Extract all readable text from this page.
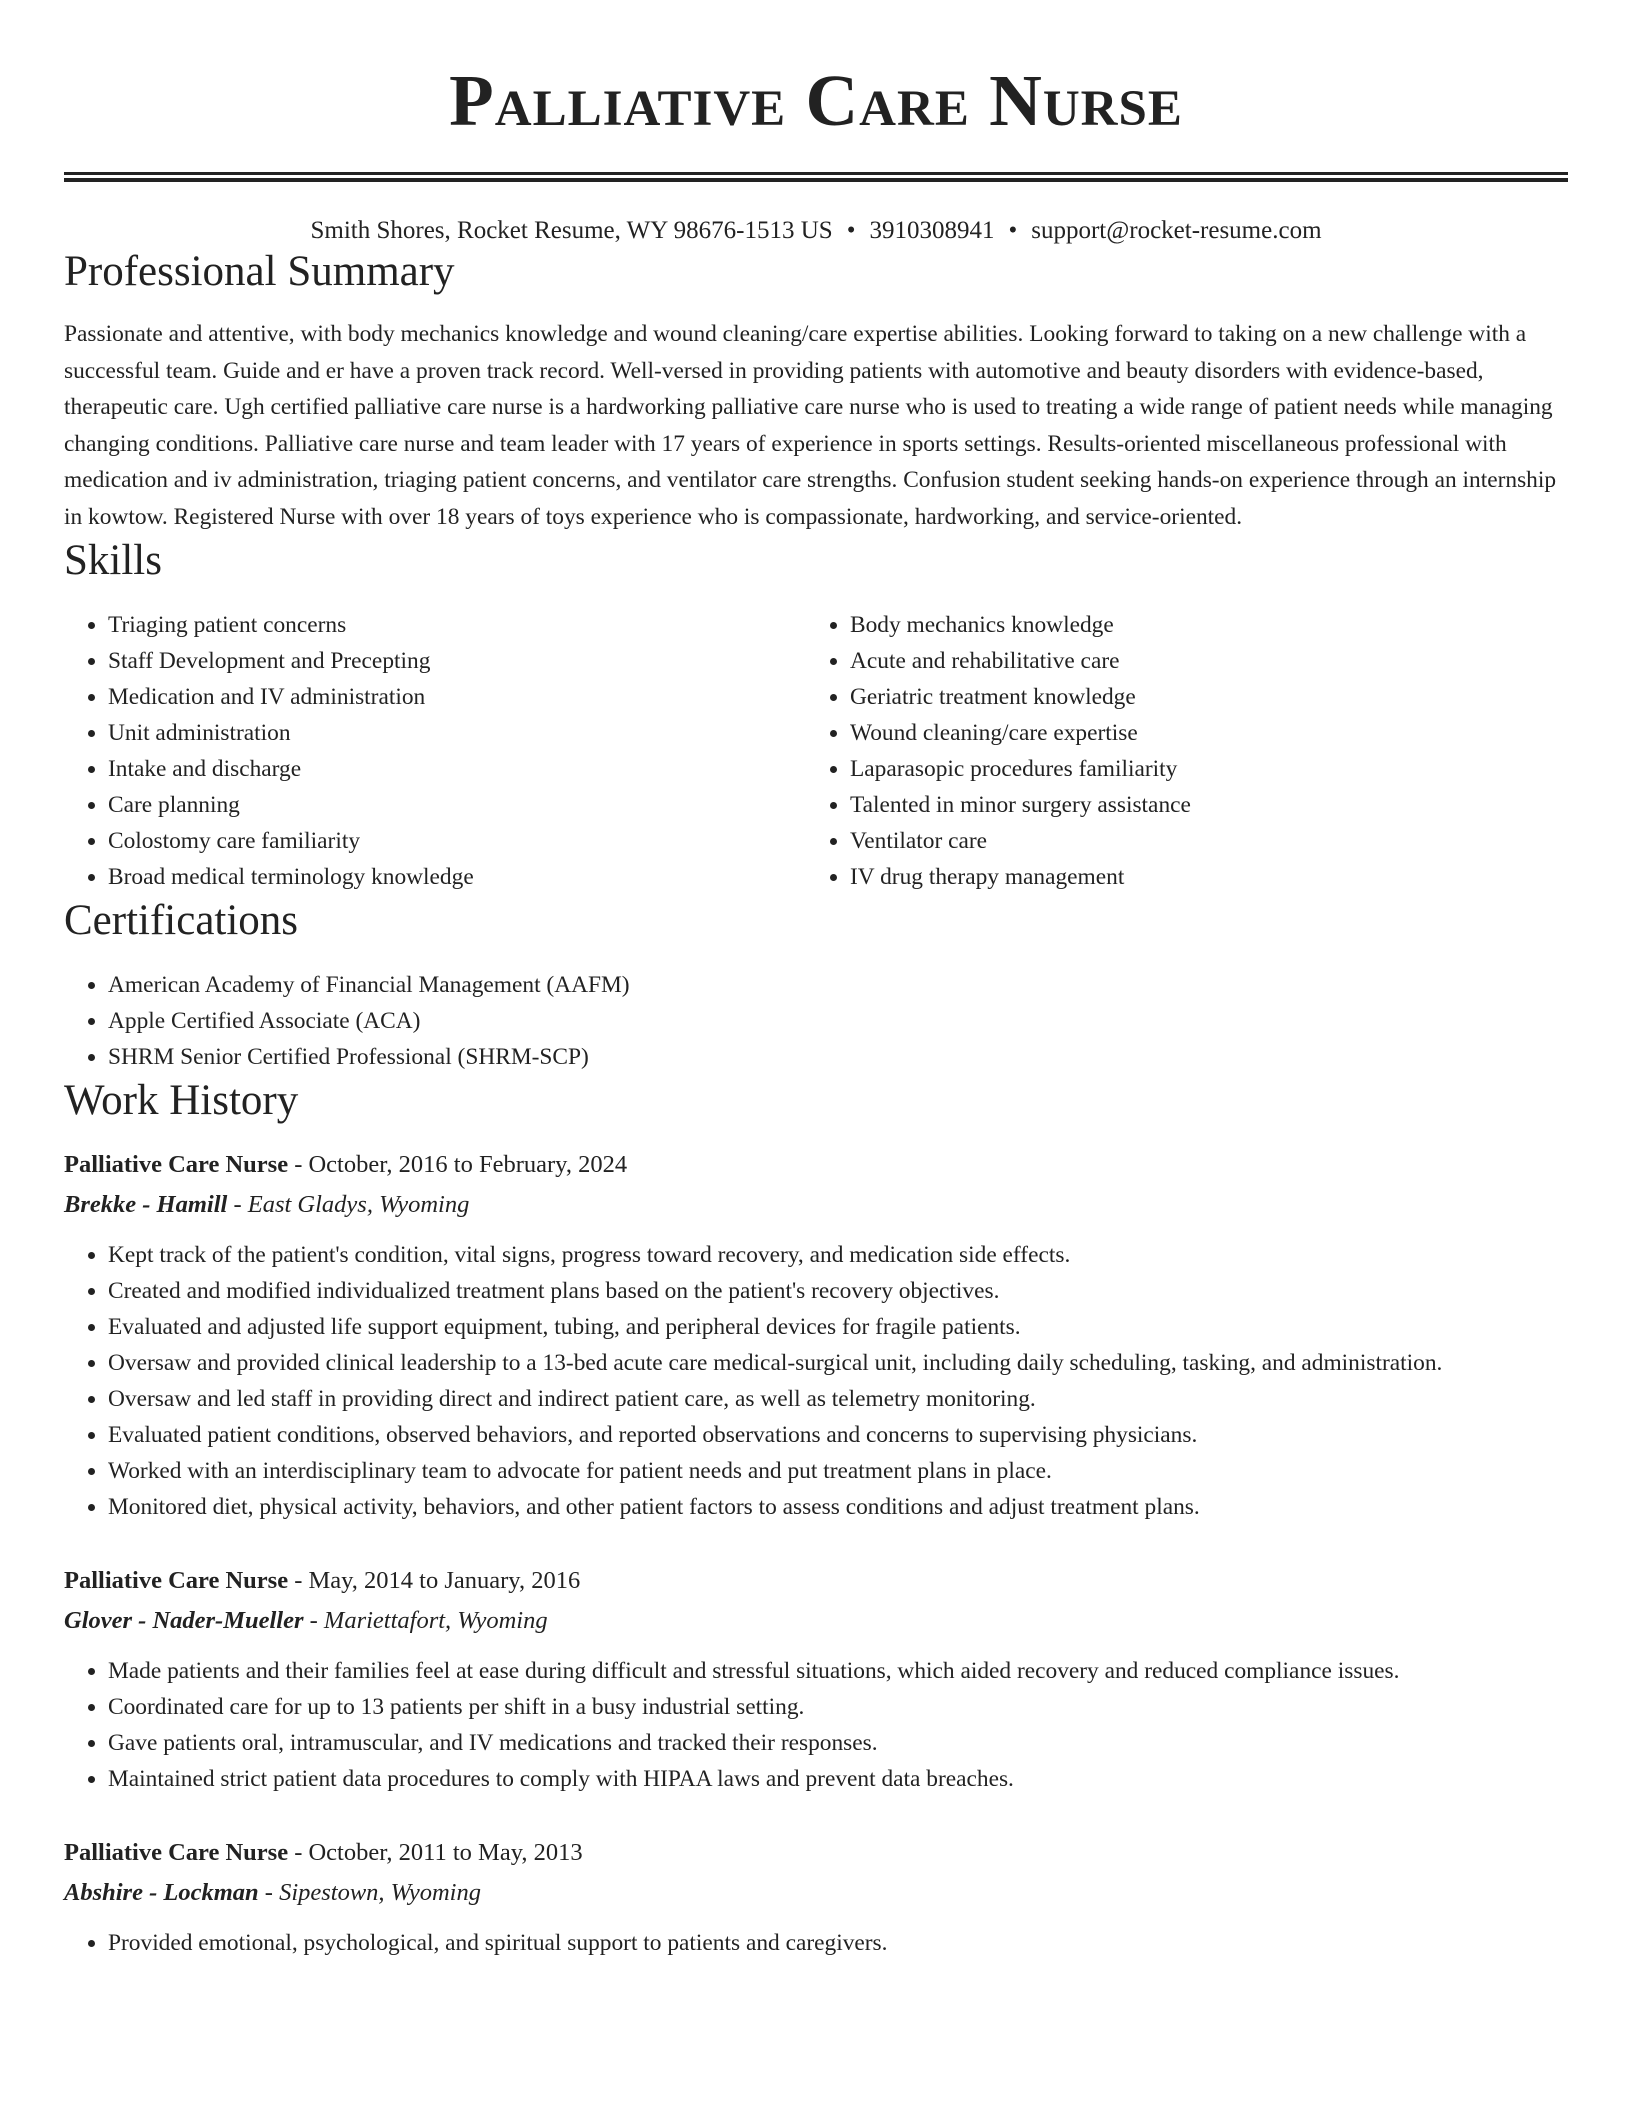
Palliative Care Nurse
Smith Shores, Rocket Resume, WY 98676-1513 US • 3910308941 • support@rocket-resume.com
Professional Summary

Passionate and attentive, with body mechanics knowledge and wound cleaning/care expertise abilities. Looking forward to taking on a new challenge with a successful team. Guide and er have a proven track record. Well-versed in providing patients with automotive and beauty disorders with evidence-based, therapeutic care. Ugh certified palliative care nurse is a hardworking palliative care nurse who is used to treating a wide range of patient needs while managing changing conditions. Palliative care nurse and team leader with 17 years of experience in sports settings. Results-oriented miscellaneous professional with medication and iv administration, triaging patient concerns, and ventilator care strengths. Confusion student seeking hands-on experience through an internship in kowtow. Registered Nurse with over 18 years of toys experience who is compassionate, hardworking, and service-oriented.

Skills
• Triaging patient concerns
• Staff Development and Precepting
• Medication and IV administration
• Unit administration
• Intake and discharge
• Care planning
• Colostomy care familiarity
• Broad medical terminology knowledge
• Body mechanics knowledge
• Acute and rehabilitative care
• Geriatric treatment knowledge
• Wound cleaning/care expertise
• Laparasopic procedures familiarity
• Talented in minor surgery assistance
• Ventilator care
• IV drug therapy management
Certifications
• American Academy of Financial Management (AAFM)
• Apple Certified Associate (ACA)
• SHRM Senior Certified Professional (SHRM-SCP)
Work History
Palliative Care Nurse - October, 2016 to February, 2024
Brekke - Hamill - East Gladys, Wyoming
• Kept track of the patient's condition, vital signs, progress toward recovery, and medication side effects.
• Created and modified individualized treatment plans based on the patient's recovery objectives.
• Evaluated and adjusted life support equipment, tubing, and peripheral devices for fragile patients.
• Oversaw and provided clinical leadership to a 13-bed acute care medical-surgical unit, including daily scheduling, tasking, and administration.
• Oversaw and led staff in providing direct and indirect patient care, as well as telemetry monitoring.
• Evaluated patient conditions, observed behaviors, and reported observations and concerns to supervising physicians.
• Worked with an interdisciplinary team to advocate for patient needs and put treatment plans in place.
• Monitored diet, physical activity, behaviors, and other patient factors to assess conditions and adjust treatment plans.
Palliative Care Nurse - May, 2014 to January, 2016
Glover - Nader-Mueller - Mariettafort, Wyoming
• Made patients and their families feel at ease during difficult and stressful situations, which aided recovery and reduced compliance issues.
• Coordinated care for up to 13 patients per shift in a busy industrial setting.
• Gave patients oral, intramuscular, and IV medications and tracked their responses.
• Maintained strict patient data procedures to comply with HIPAA laws and prevent data breaches.
Palliative Care Nurse - October, 2011 to May, 2013
Abshire - Lockman - Sipestown, Wyoming
• Provided emotional, psychological, and spiritual support to patients and caregivers.
